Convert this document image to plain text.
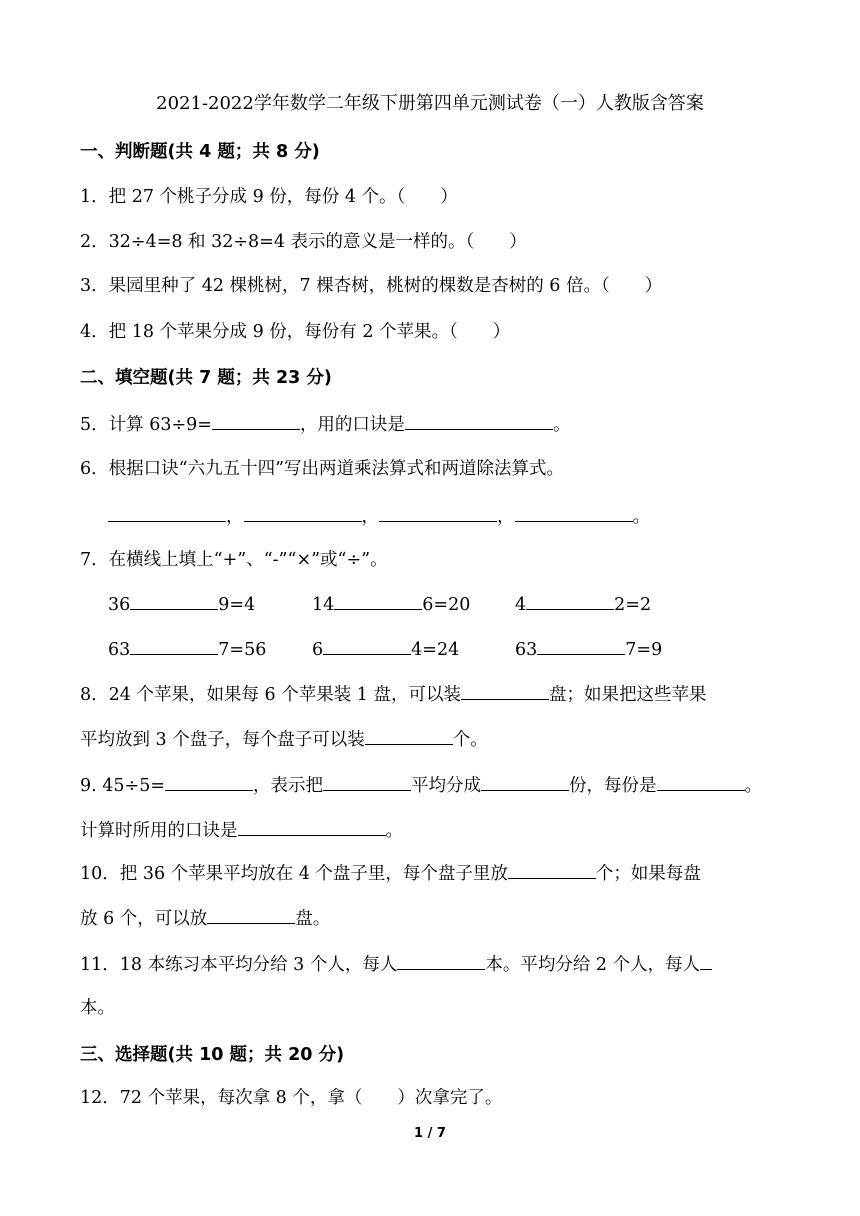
2021-2022学年数学二年级下册第四单元测试卷（一）人教版含答案
一、判断题(共 4 题；共 8 分)
1．把 27 个桃子分成 9 份，每份 4 个。（　　）
2．32÷4=8 和 32÷8=4 表示的意义是一样的。（　　）
3．果园里种了 42 棵桃树，7 棵杏树，桃树的棵数是杏树的 6 倍。（　　）
4．把 18 个苹果分成 9 份，每份有 2 个苹果。（　　）
二、填空题(共 7 题；共 23 分)
5．计算 63÷9=	，用的口诀是	。
6．根据口诀“六九五十四”写出两道乘法算式和两道除法算式。
，	，	，	。
7．在横线上填上“+”、“-”“×”或“÷”。
36	9=4	14	6=20	4	2=2
63	7=56	6	4=24	63	7=9
8．24 个苹果，如果每 6 个苹果装 1 盘，可以装	盘；如果把这些苹果
平均放到 3 个盘子，每个盘子可以装	个。
9. 45÷5=	，表示把	平均分成	份，每份是	。
计算时所用的口诀是	。
10．把 36 个苹果平均放在 4 个盘子里，每个盘子里放	个；如果每盘
放 6 个，可以放	盘。
11．18 本练习本平均分给 3 个人，每人	本。平均分给 2 个人，每人
本。
三、选择题(共 10 题；共 20 分)
12．72 个苹果，每次拿 8 个，拿（　　）次拿完了。
1 / 7
